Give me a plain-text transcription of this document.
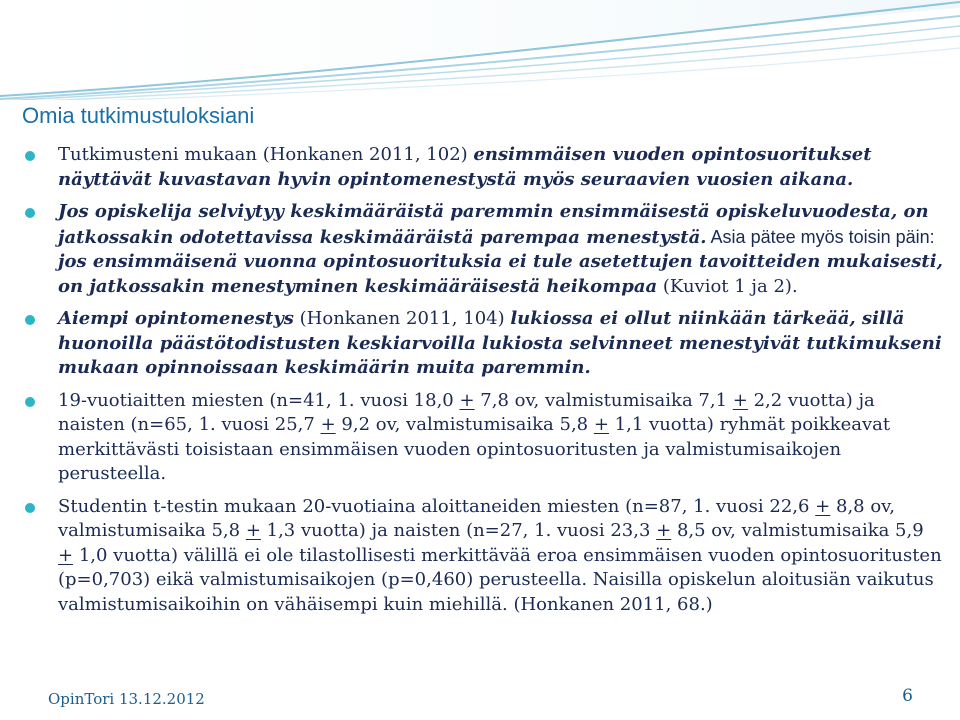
Omia tutkimustuloksiani

Tutkimusteni mukaan (Honkanen 2011, 102) ensimmäisen vuoden opintosuoritukset näyttävät kuvastavan hyvin opintomenestystä myös seuraavien vuosien aikana.

Jos opiskelija selviytyy keskimääräistä paremmin ensimmäisestä opiskeluvuodesta, on jatkossakin odotettavissa keskimääräistä parempaa menestystä. Asia pätee myös toisin päin: jos ensimmäisenä vuonna opintosuorituksia ei tule asetettujen tavoitteiden mukaisesti, on jatkossakin menestyminen keskimääräisestä heikompaa (Kuviot 1 ja 2).

Aiempi opintomenestys (Honkanen 2011, 104) lukiossa ei ollut niinkään tärkeää, sillä huonoilla päästötodistusten keskiarvoilla lukiosta selvinneet menestyivät tutkimukseni mukaan opinnoissaan keskimäärin muita paremmin.

19-vuotiaitten miesten (n=41, 1. vuosi 18,0 + 7,8 ov, valmistumisaika 7,1 + 2,2 vuotta) ja naisten (n=65, 1. vuosi 25,7 + 9,2 ov, valmistumisaika 5,8 + 1,1 vuotta) ryhmät poikkeavat merkittävästi toisistaan ensimmäisen vuoden opintosuoritusten ja valmistumisaikojen perusteella.

Studentin t-testin mukaan 20-vuotiaina aloittaneiden miesten (n=87, 1. vuosi 22,6 + 8,8 ov, valmistumisaika 5,8 + 1,3 vuotta) ja naisten (n=27, 1. vuosi 23,3 + 8,5 ov, valmistumisaika 5,9 + 1,0 vuotta) välillä ei ole tilastollisesti merkittävää eroa ensimmäisen vuoden opintosuoritusten (p=0,703) eikä valmistumisaikojen (p=0,460) perusteella. Naisilla opiskelun aloitusiän vaikutus valmistumisaikoihin on vähäisempi kuin miehillä. (Honkanen 2011, 68.)

OpinTori 13.12.2012	6
